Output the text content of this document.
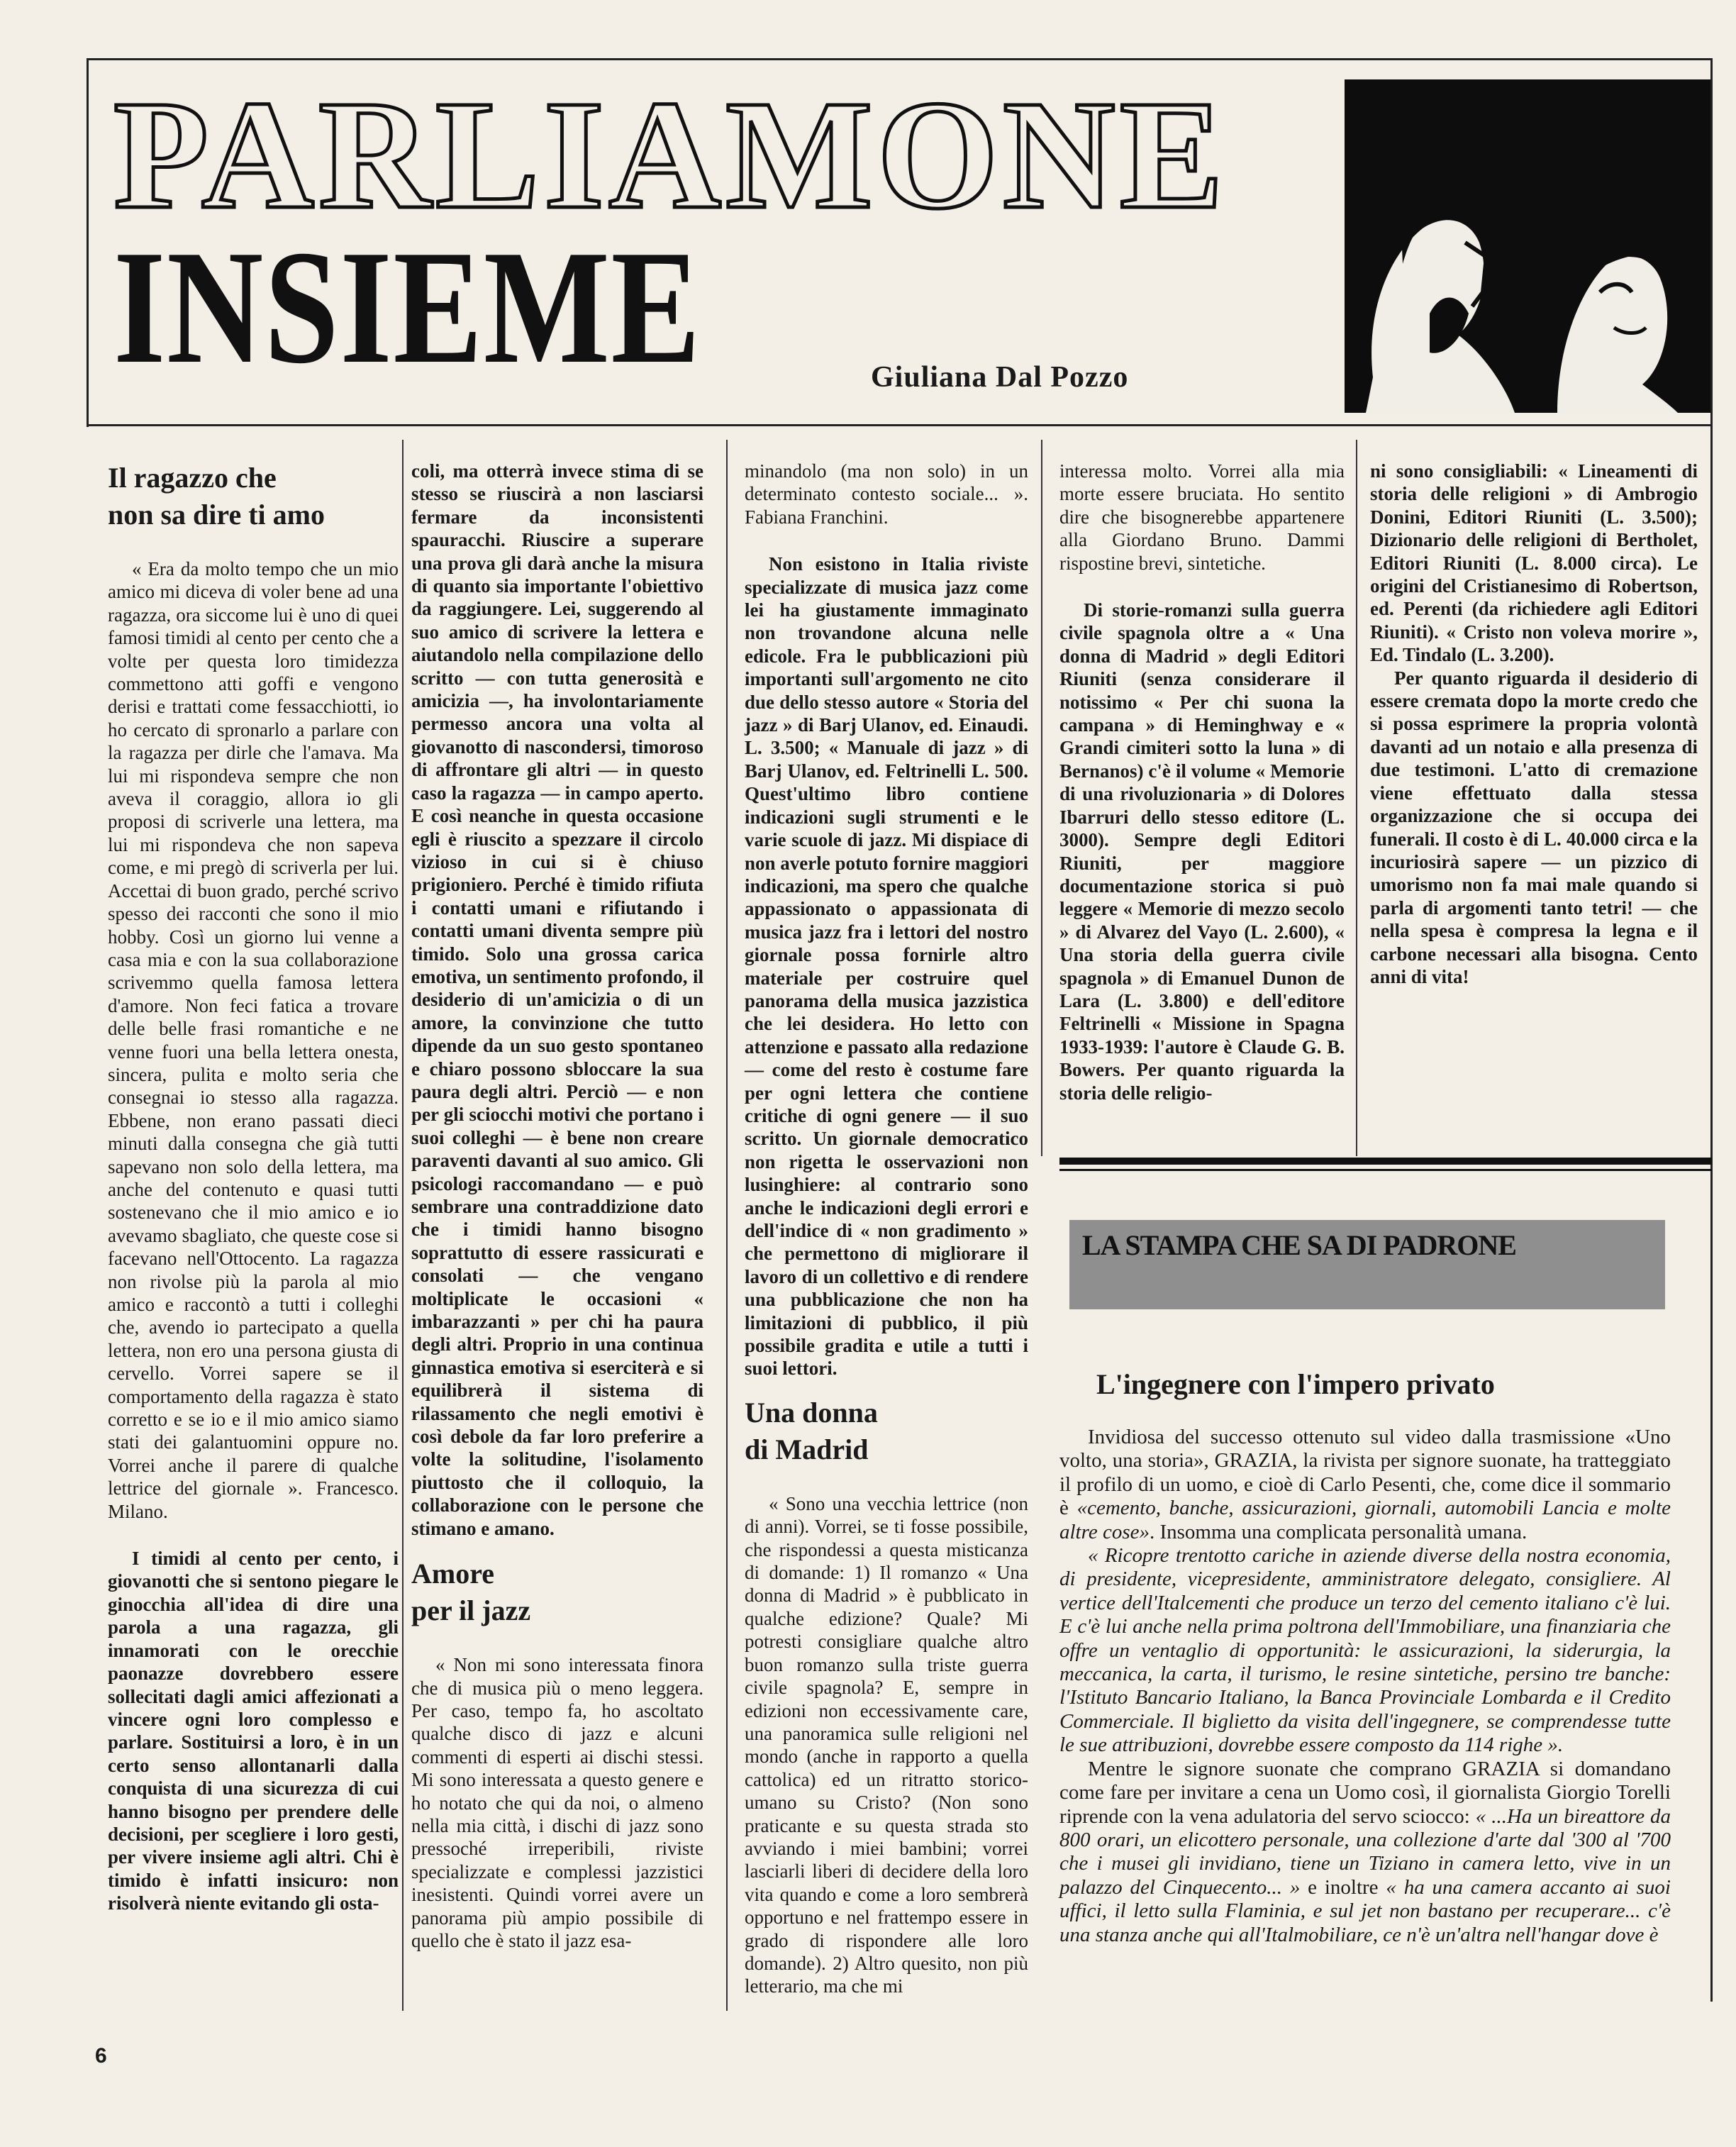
PARLIAMONE
INSIEME	Giuliana Dal Pozzo
Il ragazzo che
non sa dire ti amo

« Era da molto tempo che un mio amico mi diceva di voler bene ad una ragazza, ora siccome lui è uno di quei famosi timidi al cento per cento che a volte per questa loro timidezza commettono atti goffi e vengono derisi e trattati come fessacchiotti, io ho cercato di spronarlo a parlare con la ragazza per dirle che l'amava. Ma lui mi rispondeva sempre che non aveva il coraggio, allora io gli proposi di scriverle una lettera, ma lui mi rispondeva che non sapeva come, e mi pregò di scriverla per lui. Accettai di buon grado, perché scrivo spesso dei racconti che sono il mio hobby. Così un giorno lui venne a casa mia e con la sua collaborazione scrivemmo quella famosa lettera d'amore. Non feci fatica a trovare delle belle frasi romantiche e ne venne fuori una bella lettera onesta, sincera, pulita e molto seria che consegnai io stesso alla ragazza. Ebbene, non erano passati dieci minuti dalla consegna che già tutti sapevano non solo della lettera, ma anche del contenuto e quasi tutti sostenevano che il mio amico e io avevamo sbagliato, che queste cose si facevano nell'Ottocento. La ragazza non rivolse più la parola al mio amico e raccontò a tutti i colleghi che, avendo io partecipato a quella lettera, non ero una persona giusta di cervello. Vorrei sapere se il comportamento della ragazza è stato corretto e se io e il mio amico siamo stati dei galantuomini oppure no. Vorrei anche il parere di qualche lettrice del giornale ». Francesco. Milano.

I timidi al cento per cento, i giovanotti che si sentono piegare le ginocchia all'idea di dire una parola a una ragazza, gli innamorati con le orecchie paonazze dovrebbero essere sollecitati dagli amici affezionati a vincere ogni loro complesso e parlare. Sostituirsi a loro, è in un certo senso allontanarli dalla conquista di una sicurezza di cui hanno bisogno per prendere delle decisioni, per scegliere i loro gesti, per vivere insieme agli altri. Chi è timido è infatti insicuro: non risolverà niente evitando gli osta-

coli, ma otterrà invece stima di se stesso se riuscirà a non lasciarsi fermare da inconsistenti spauracchi. Riuscire a superare una prova gli darà anche la misura di quanto sia importante l'obiettivo da raggiungere. Lei, suggerendo al suo amico di scrivere la lettera e aiutandolo nella compilazione dello scritto — con tutta generosità e amicizia —, ha involontariamente permesso ancora una volta al giovanotto di nascondersi, timoroso di affrontare gli altri — in questo caso la ragazza — in campo aperto. E così neanche in questa occasione egli è riuscito a spezzare il circolo vizioso in cui si è chiuso prigioniero. Perché è timido rifiuta i contatti umani e rifiutando i contatti umani diventa sempre più timido. Solo una grossa carica emotiva, un sentimento profondo, il desiderio di un'amicizia o di un amore, la convinzione che tutto dipende da un suo gesto spontaneo e chiaro possono sbloccare la sua paura degli altri. Perciò — e non per gli sciocchi motivi che portano i suoi colleghi — è bene non creare paraventi davanti al suo amico. Gli psicologi raccomandano — e può sembrare una contraddizione dato che i timidi hanno bisogno soprattutto di essere rassicurati e consolati — che vengano moltiplicate le occasioni « imbarazzanti » per chi ha paura degli altri. Proprio in una continua ginnastica emotiva si eserciterà e si equilibrerà il sistema di rilassamento che negli emotivi è così debole da far loro preferire a volte la solitudine, l'isolamento piuttosto che il colloquio, la collaborazione con le persone che stimano e amano.

Amore
per il jazz

« Non mi sono interessata finora che di musica più o meno leggera. Per caso, tempo fa, ho ascoltato qualche disco di jazz e alcuni commenti di esperti ai dischi stessi. Mi sono interessata a questo genere e ho notato che qui da noi, o almeno nella mia città, i dischi di jazz sono pressoché irreperibili, riviste specializzate e complessi jazzistici inesistenti. Quindi vorrei avere un panorama più ampio possibile di quello che è stato il jazz esa-

minandolo (ma non solo) in un determinato contesto sociale... ». Fabiana Franchini.

Non esistono in Italia riviste specializzate di musica jazz come lei ha giustamente immaginato non trovandone alcuna nelle edicole. Fra le pubblicazioni più importanti sull'argomento ne cito due dello stesso autore « Storia del jazz » di Barj Ulanov, ed. Einaudi. L. 3.500; « Manuale di jazz » di Barj Ulanov, ed. Feltrinelli L. 500. Quest'ultimo libro contiene indicazioni sugli strumenti e le varie scuole di jazz. Mi dispiace di non averle potuto fornire maggiori indicazioni, ma spero che qualche appassionato o appassionata di musica jazz fra i lettori del nostro giornale possa fornirle altro materiale per costruire quel panorama della musica jazzistica che lei desidera. Ho letto con attenzione e passato alla redazione — come del resto è costume fare per ogni lettera che contiene critiche di ogni genere — il suo scritto. Un giornale democratico non rigetta le osservazioni non lusinghiere: al contrario sono anche le indicazioni degli errori e dell'indice di « non gradimento » che permettono di migliorare il lavoro di un collettivo e di rendere una pubblicazione che non ha limitazioni di pubblico, il più possibile gradita e utile a tutti i suoi lettori.

Una donna
di Madrid

« Sono una vecchia lettrice (non di anni). Vorrei, se ti fosse possibile, che rispondessi a questa misticanza di domande: 1) Il romanzo « Una donna di Madrid » è pubblicato in qualche edizione? Quale? Mi potresti consigliare qualche altro buon romanzo sulla triste guerra civile spagnola? E, sempre in edizioni non eccessivamente care, una panoramica sulle religioni nel mondo (anche in rapporto a quella cattolica) ed un ritratto storico-umano su Cristo? (Non sono praticante e su questa strada sto avviando i miei bambini; vorrei lasciarli liberi di decidere della loro vita quando e come a loro sembrerà opportuno e nel frattempo essere in grado di rispondere alle loro domande). 2) Altro quesito, non più letterario, ma che mi

interessa molto. Vorrei alla mia morte essere bruciata. Ho sentito dire che bisognerebbe appartenere alla Giordano Bruno. Dammi rispostine brevi, sintetiche.

Di storie-romanzi sulla guerra civile spagnola oltre a « Una donna di Madrid » degli Editori Riuniti (senza considerare il notissimo « Per chi suona la campana » di Heminghway e « Grandi cimiteri sotto la luna » di Bernanos) c'è il volume « Memorie di una rivoluzionaria » di Dolores Ibarruri dello stesso editore (L. 3000). Sempre degli Editori Riuniti, per maggiore documentazione storica si può leggere « Memorie di mezzo secolo » di Alvarez del Vayo (L. 2.600), « Una storia della guerra civile spagnola » di Emanuel Dunon de Lara (L. 3.800) e dell'editore Feltrinelli « Missione in Spagna 1933-1939: l'autore è Claude G. B. Bowers. Per quanto riguarda la storia delle religio-

ni sono consigliabili: « Lineamenti di storia delle religioni » di Ambrogio Donini, Editori Riuniti (L. 3.500); Dizionario delle religioni di Bertholet, Editori Riuniti (L. 8.000 circa). Le origini del Cristianesimo di Robertson, ed. Perenti (da richiedere agli Editori Riuniti). « Cristo non voleva morire », Ed. Tindalo (L. 3.200).

Per quanto riguarda il desiderio di essere cremata dopo la morte credo che si possa esprimere la propria volontà davanti ad un notaio e alla presenza di due testimoni. L'atto di cremazione viene effettuato dalla stessa organizzazione che si occupa dei funerali. Il costo è di L. 40.000 circa e la incuriosirà sapere — un pizzico di umorismo non fa mai male quando si parla di argomenti tanto tetri! — che nella spesa è compresa la legna e il carbone necessari alla bisogna. Cento anni di vita!

LA STAMPA CHE SA DI PADRONE
L'ingegnere con l'impero privato

Invidiosa del successo ottenuto sul video dalla trasmissione «Uno volto, una storia», GRAZIA, la rivista per signore suonate, ha tratteggiato il profilo di un uomo, e cioè di Carlo Pesenti, che, come dice il sommario è «cemento, banche, assicurazioni, giornali, automobili Lancia e molte altre cose». Insomma una complicata personalità umana.

« Ricopre trentotto cariche in aziende diverse della nostra economia, di presidente, vicepresidente, amministratore delegato, consigliere. Al vertice dell'Italcementi che produce un terzo del cemento italiano c'è lui. E c'è lui anche nella prima poltrona dell'Immobiliare, una finanziaria che offre un ventaglio di opportunità: le assicurazioni, la siderurgia, la meccanica, la carta, il turismo, le resine sintetiche, persino tre banche: l'Istituto Bancario Italiano, la Banca Provinciale Lombarda e il Credito Commerciale. Il biglietto da visita dell'ingegnere, se comprendesse tutte le sue attribuzioni, dovrebbe essere composto da 114 righe ».

Mentre le signore suonate che comprano GRAZIA si domandano come fare per invitare a cena un Uomo così, il giornalista Giorgio Torelli riprende con la vena adulatoria del servo sciocco: « ...Ha un bireattore da 800 orari, un elicottero personale, una collezione d'arte dal '300 al '700 che i musei gli invidiano, tiene un Tiziano in camera letto, vive in un palazzo del Cinquecento... » e inoltre « ha una camera accanto ai suoi uffici, il letto sulla Flaminia, e sul jet non bastano per recuperare... c'è una stanza anche qui all'Italmobiliare, ce n'è un'altra nell'hangar dove è

6
